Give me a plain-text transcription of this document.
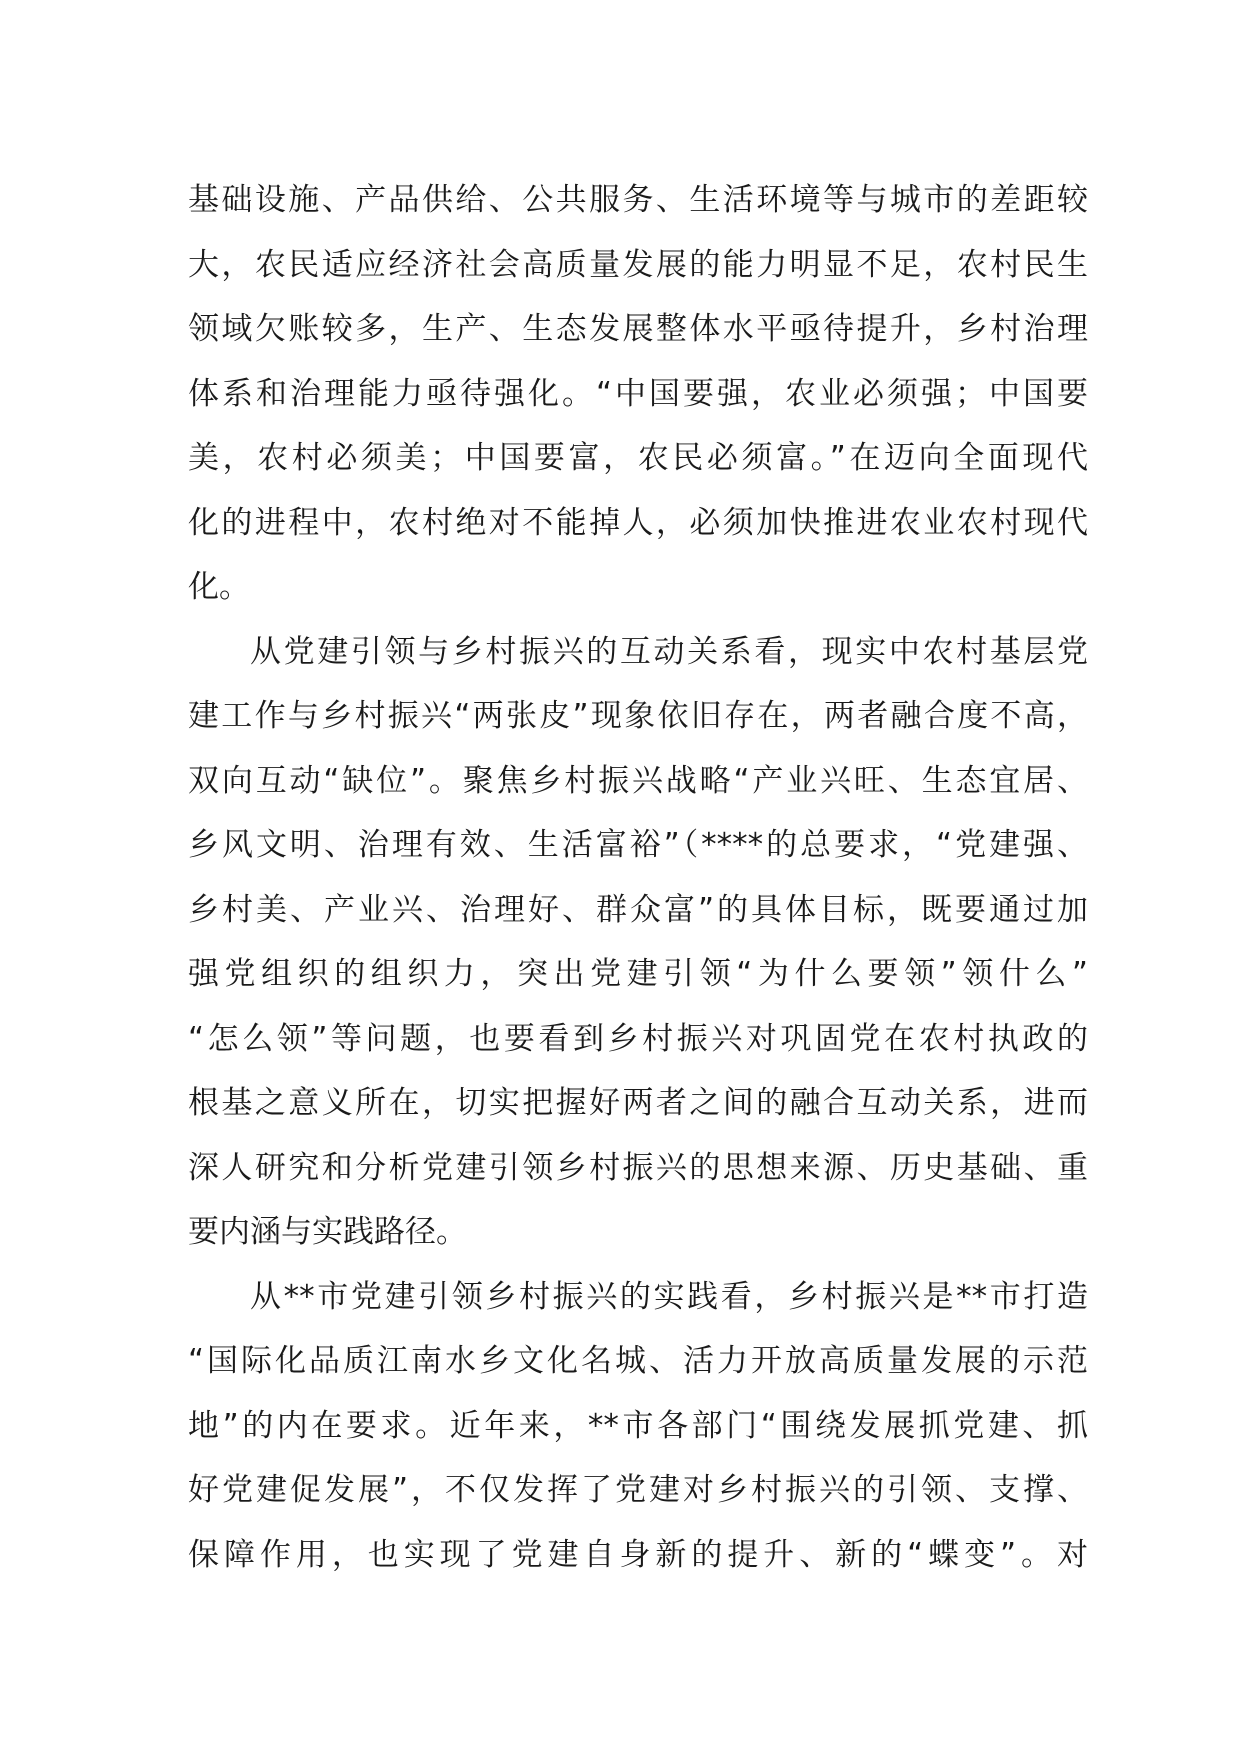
基础设施、产品供给、公共服务、生活环境等与城市的差距较
大，农民适应经济社会高质量发展的能力明显不足，农村民生
领域欠账较多，生产、生态发展整体水平亟待提升，乡村治理
体系和治理能力亟待强化。“中国要强，农业必须强；中国要
美，农村必须美；中国要富，农民必须富。”在迈向全面现代
化的进程中，农村绝对不能掉人，必须加快推进农业农村现代
化。
从党建引领与乡村振兴的互动关系看，现实中农村基层党
建工作与乡村振兴“两张皮”现象依旧存在，两者融合度不高，
双向互动“缺位”。聚焦乡村振兴战略“产业兴旺、生态宜居、
乡风文明、治理有效、生活富裕”（****的总要求，“党建强、
乡村美、产业兴、治理好、群众富”的具体目标，既要通过加
强党组织的组织力，突出党建引领“为什么要领”领什么”
“怎么领”等问题，也要看到乡村振兴对巩固党在农村执政的
根基之意义所在，切实把握好两者之间的融合互动关系，进而
深人研究和分析党建引领乡村振兴的思想来源、历史基础、重
要内涵与实践路径。
从**市党建引领乡村振兴的实践看，乡村振兴是**市打造
“国际化品质江南水乡文化名城、活力开放高质量发展的示范
地”的内在要求。近年来，**市各部门“围绕发展抓党建、抓
好党建促发展”，不仅发挥了党建对乡村振兴的引领、支撑、
保障作用，也实现了党建自身新的提升、新的“蝶变”。对
